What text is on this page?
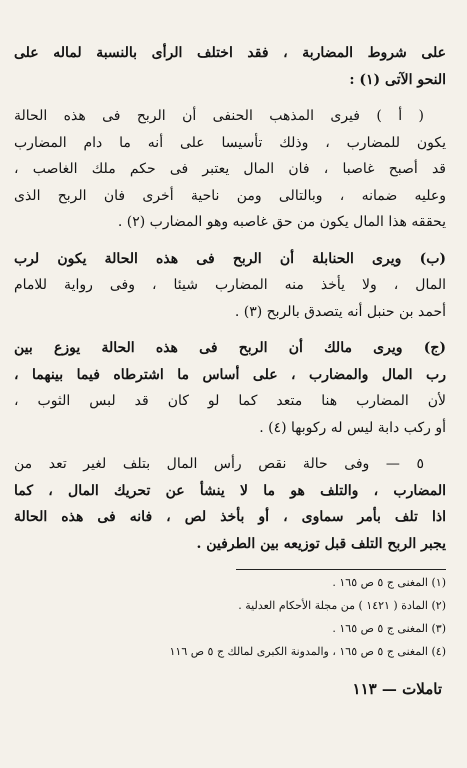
على شروط المضاربة ، فقد اختلف الرأى بالنسبة لماله على
النحو الآتى (١) :
( أ ) فيرى المذهب الحنفى أن الربح فى هذه الحالة
يكون للمضارب ، وذلك تأسيسا على أنه ما دام المضارب
قد أصبح غاصبا ، فان المال يعتبر فى حكم ملك الغاصب ،
وعليه ضمانه ، وبالتالى ومن ناحية أخرى فان الربح الذى
يحققه هذا المال يكون من حق غاصبه وهو المضارب (٢) .
(ب) ويرى الحنابلة أن الربح فى هذه الحالة يكون لرب
المال ، ولا يأخذ منه المضارب شيئا ، وفى رواية للامام
أحمد بن حنبل أنه يتصدق بالربح (٣) .
(ج) ويرى مالك أن الربح فى هذه الحالة يوزع بين
رب المال والمضارب ، على أساس ما اشترطاه فيما بينهما ،
لأن المضارب هنا متعد كما لو كان قد لبس الثوب ،
أو ركب دابة ليس له ركوبها (٤) .
٥ — وفى حالة نقص رأس المال بتلف لغير تعد من
المضارب ، والتلف هو ما لا ينشأ عن تحريك المال ، كما
اذا تلف بأمر سماوى ، أو بأخذ لص ، فانه فى هذه الحالة
يجبر الربح التلف قبل توزيعه بين الطرفين .
(١) المغنى ج ٥ ص ١٦٥ .
(٢) المادة ( ١٤٢١ ) من مجلة الأحكام العدلية .
(٣) المغنى ج ٥ ص ١٦٥ .
(٤) المغنى ج ٥ ص ١٦٥ ، والمدونة الكبرى لمالك ج ٥ ص ١١٦
تاملات — ١١٣
